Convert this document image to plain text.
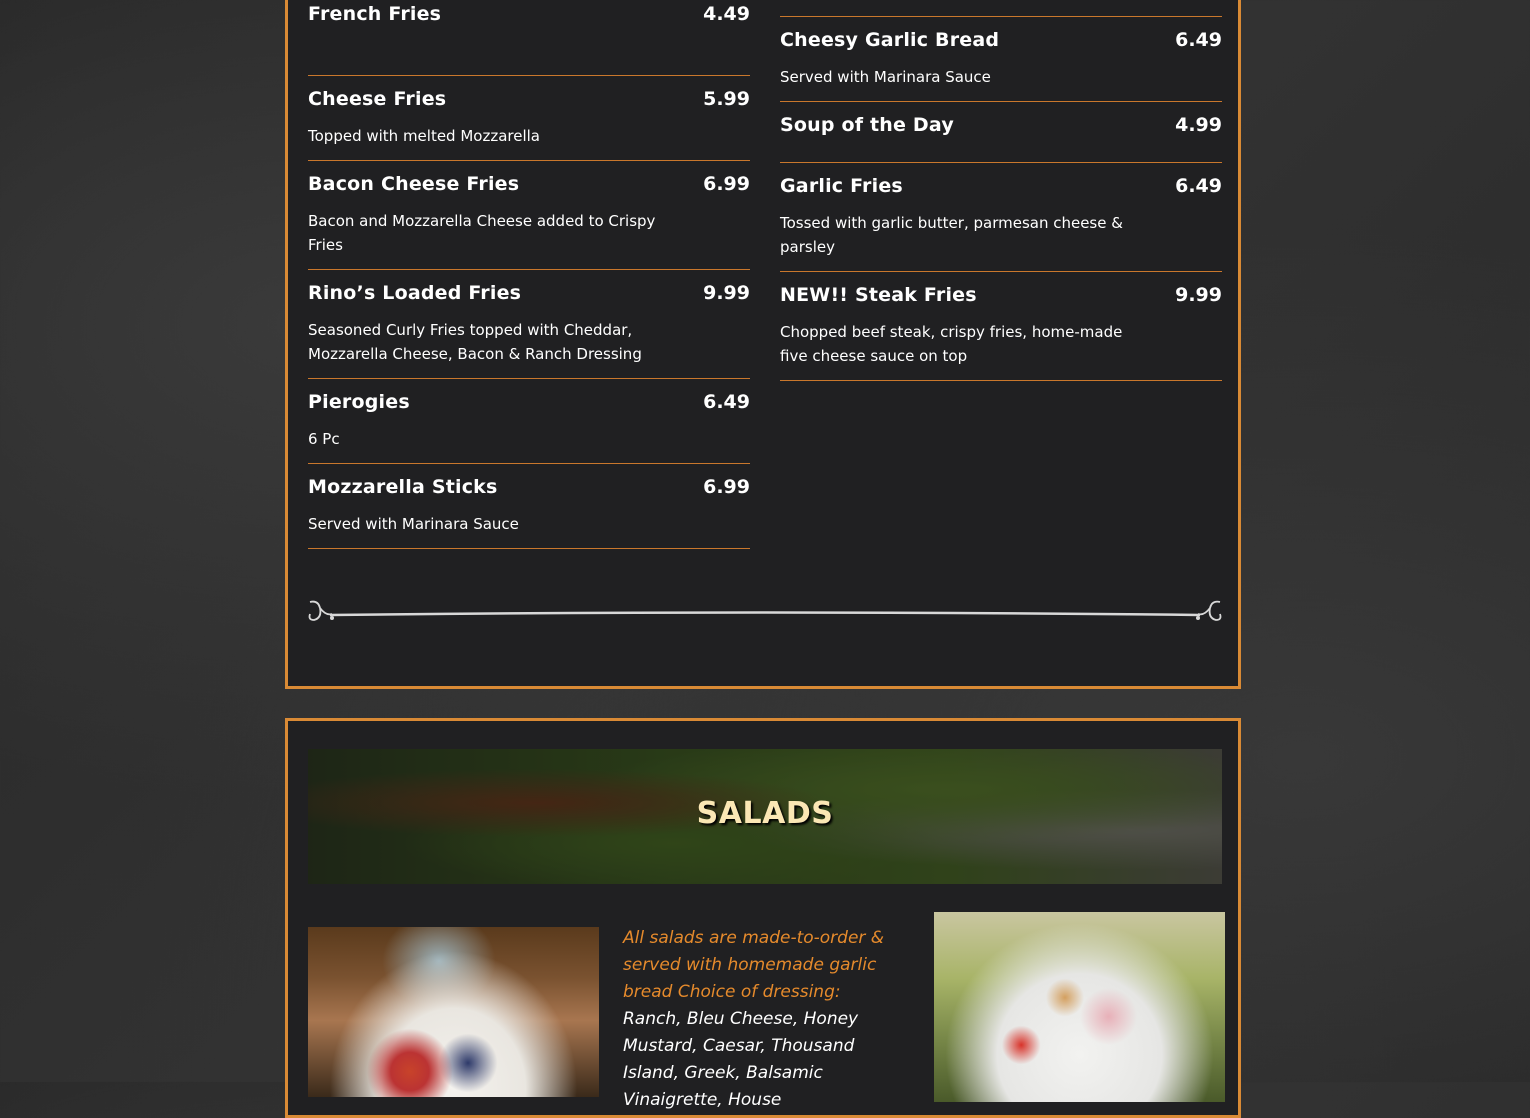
French Fries	4.49
Cheese Fries	5.99
Topped with melted Mozzarella
Bacon Cheese Fries	6.99
Bacon and Mozzarella Cheese added to Crispy Fries
Rino’s Loaded Fries	9.99
Seasoned Curly Fries topped with Cheddar, Mozzarella Cheese, Bacon & Ranch Dressing
Pierogies	6.49
6 Pc
Mozzarella Sticks	6.99
Served with Marinara Sauce
Cheesy Garlic Bread	6.49
Served with Marinara Sauce
Soup of the Day	4.99
Garlic Fries	6.49
Tossed with garlic butter, parmesan cheese & parsley
NEW!! Steak Fries	9.99
Chopped beef steak, crispy fries, home-made five cheese sauce on top
SALADS
All salads are made-to-order & served with homemade garlic bread Choice of dressing: Ranch, Bleu Cheese, Honey Mustard, Caesar, Thousand Island, Greek, Balsamic Vinaigrette, House
